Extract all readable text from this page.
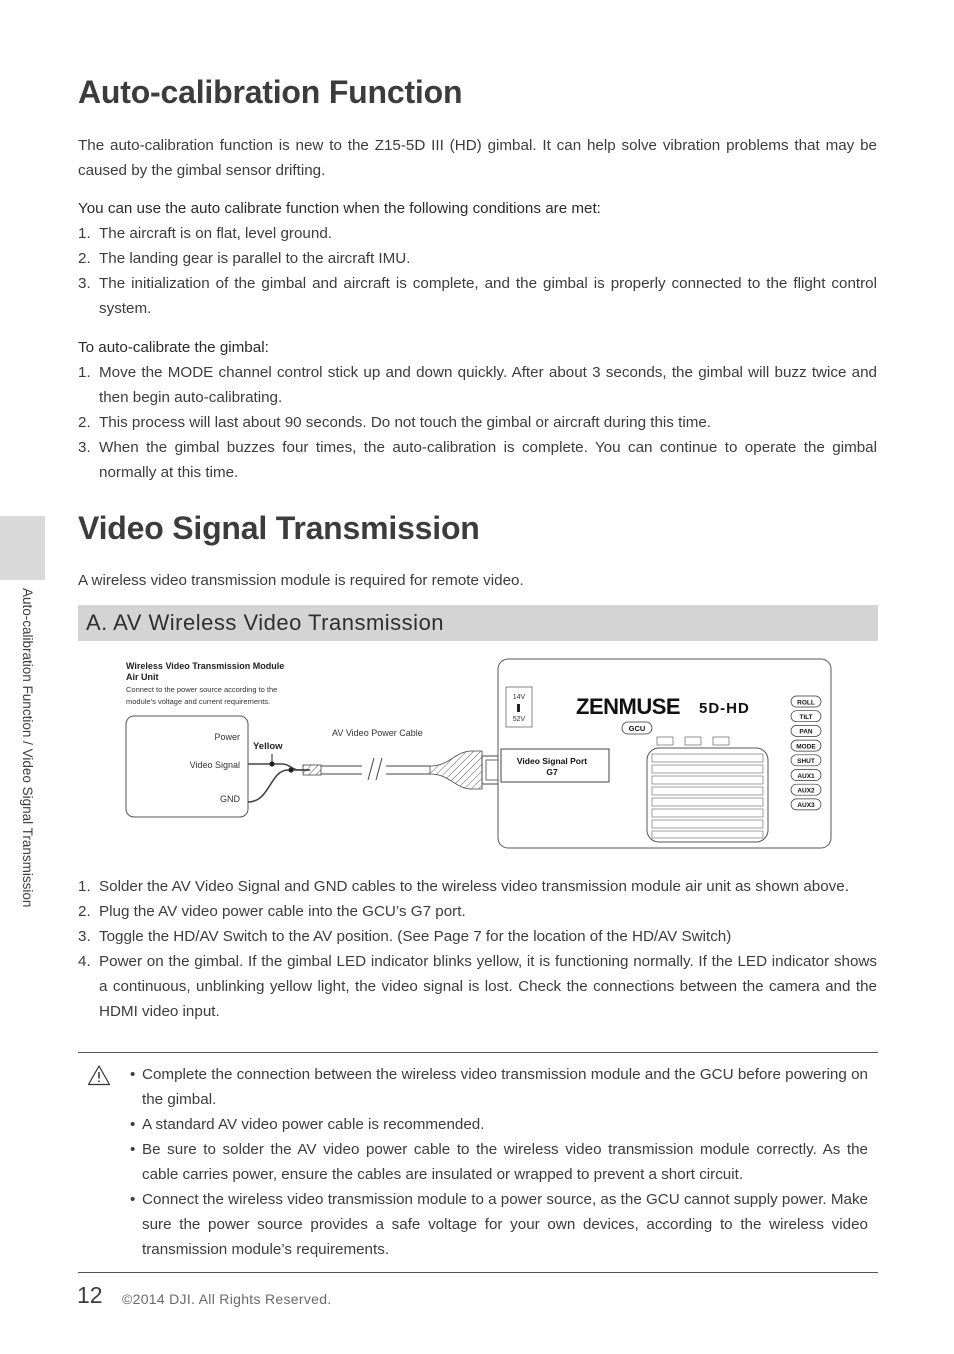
Auto-calibration Function / Video Signal Transmission
Auto-calibration Function
The auto-calibration function is new to the Z15-5D III (HD) gimbal. It can help solve vibration problems that may be caused by the gimbal sensor drifting.
You can use the auto calibrate function when the following conditions are met:
1. The aircraft is on flat, level ground.
2. The landing gear is parallel to the aircraft IMU.
3. The initialization of the gimbal and aircraft is complete, and the gimbal is properly connected to the flight control system.
To auto-calibrate the gimbal:
1. Move the MODE channel control stick up and down quickly. After about 3 seconds, the gimbal will buzz twice and then begin auto-calibrating.
2. This process will last about 90 seconds. Do not touch the gimbal or aircraft during this time.
3. When the gimbal buzzes four times, the auto-calibration is complete. You can continue to operate the gimbal normally at this time.
Video Signal Transmission
A wireless video transmission module is required for remote video.
A. AV Wireless Video Transmission
Wireless Video Transmission Module
Air Unit
Connect to the power source according to the
module’s voltage and current requirements.
Power
Video Signal
GND
Yellow
AV Video Power Cable
14V
52V
ZENMUSE 5D-HD
GCU
Video Signal Port
G7
ROLL
TILT
PAN
MODE
SHUT
AUX1
AUX2
AUX3
1. Solder the AV Video Signal and GND cables to the wireless video transmission module air unit as shown above.
2. Plug the AV video power cable into the GCU’s G7 port.
3. Toggle the HD/AV Switch to the AV position. (See Page 7 for the location of the HD/AV Switch)
4. Power on the gimbal. If the gimbal LED indicator blinks yellow, it is functioning normally. If the LED indicator shows a continuous, unblinking yellow light, the video signal is lost. Check the connections between the camera and the HDMI video input.
• Complete the connection between the wireless video transmission module and the GCU before powering on the gimbal.
• A standard AV video power cable is recommended.
• Be sure to solder the AV video power cable to the wireless video transmission module correctly. As the cable carries power, ensure the cables are insulated or wrapped to prevent a short circuit.
• Connect the wireless video transmission module to a power source, as the GCU cannot supply power. Make sure the power source provides a safe voltage for your own devices, according to the wireless video transmission module’s requirements.
12 ©2014 DJI. All Rights Reserved.
